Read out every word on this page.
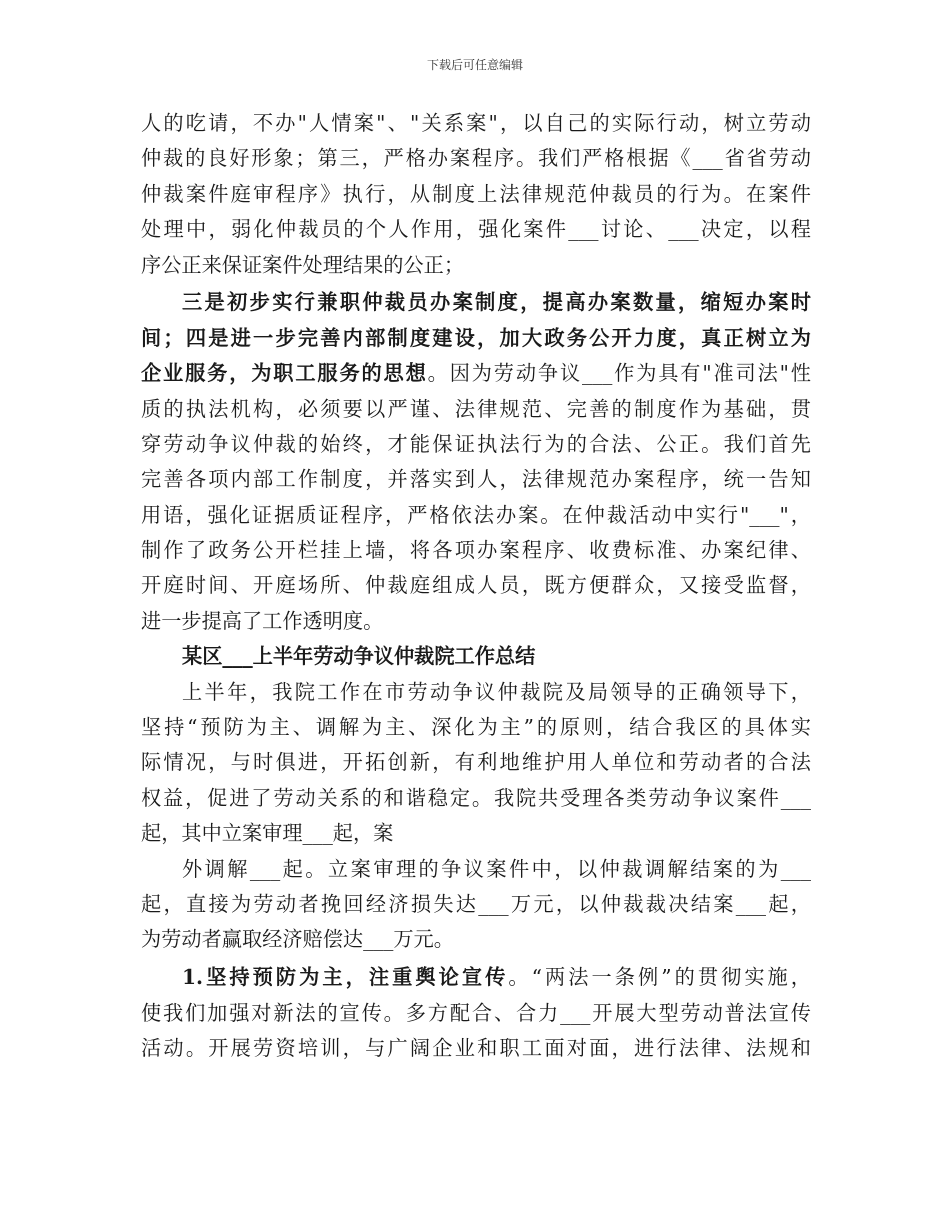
下载后可任意编辑
人的吃请，不办"人情案"、"关系案"，以自己的实际行动，树立劳动
仲裁的良好形象；第三，严格办案程序。我们严格根据《___省省劳动
仲裁案件庭审程序》执行，从制度上法律规范仲裁员的行为。在案件
处理中，弱化仲裁员的个人作用，强化案件___讨论、___决定，以程
序公正来保证案件处理结果的公正；
三是初步实行兼职仲裁员办案制度，提高办案数量，缩短办案时
间；四是进一步完善内部制度建设，加大政务公开力度，真正树立为
企业服务，为职工服务的思想。因为劳动争议___作为具有"准司法"性
质的执法机构，必须要以严谨、法律规范、完善的制度作为基础，贯
穿劳动争议仲裁的始终，才能保证执法行为的合法、公正。我们首先
完善各项内部工作制度，并落实到人，法律规范办案程序，统一告知
用语，强化证据质证程序，严格依法办案。在仲裁活动中实行"___"，
制作了政务公开栏挂上墙，将各项办案程序、收费标准、办案纪律、
开庭时间、开庭场所、仲裁庭组成人员，既方便群众，又接受监督，
进一步提高了工作透明度。
某区___上半年劳动争议仲裁院工作总结
上半年，我院工作在市劳动争议仲裁院及局领导的正确领导下，
坚持“预防为主、调解为主、深化为主”的原则，结合我区的具体实
际情况，与时俱进，开拓创新，有利地维护用人单位和劳动者的合法
权益，促进了劳动关系的和谐稳定。我院共受理各类劳动争议案件___
起，其中立案审理___起，案
外调解___起。立案审理的争议案件中，以仲裁调解结案的为___
起，直接为劳动者挽回经济损失达___万元，以仲裁裁决结案___起，
为劳动者赢取经济赔偿达___万元。
1.坚持预防为主，注重舆论宣传。“两法一条例”的贯彻实施，
使我们加强对新法的宣传。多方配合、合力___开展大型劳动普法宣传
活动。开展劳资培训，与广阔企业和职工面对面，进行法律、法规和
